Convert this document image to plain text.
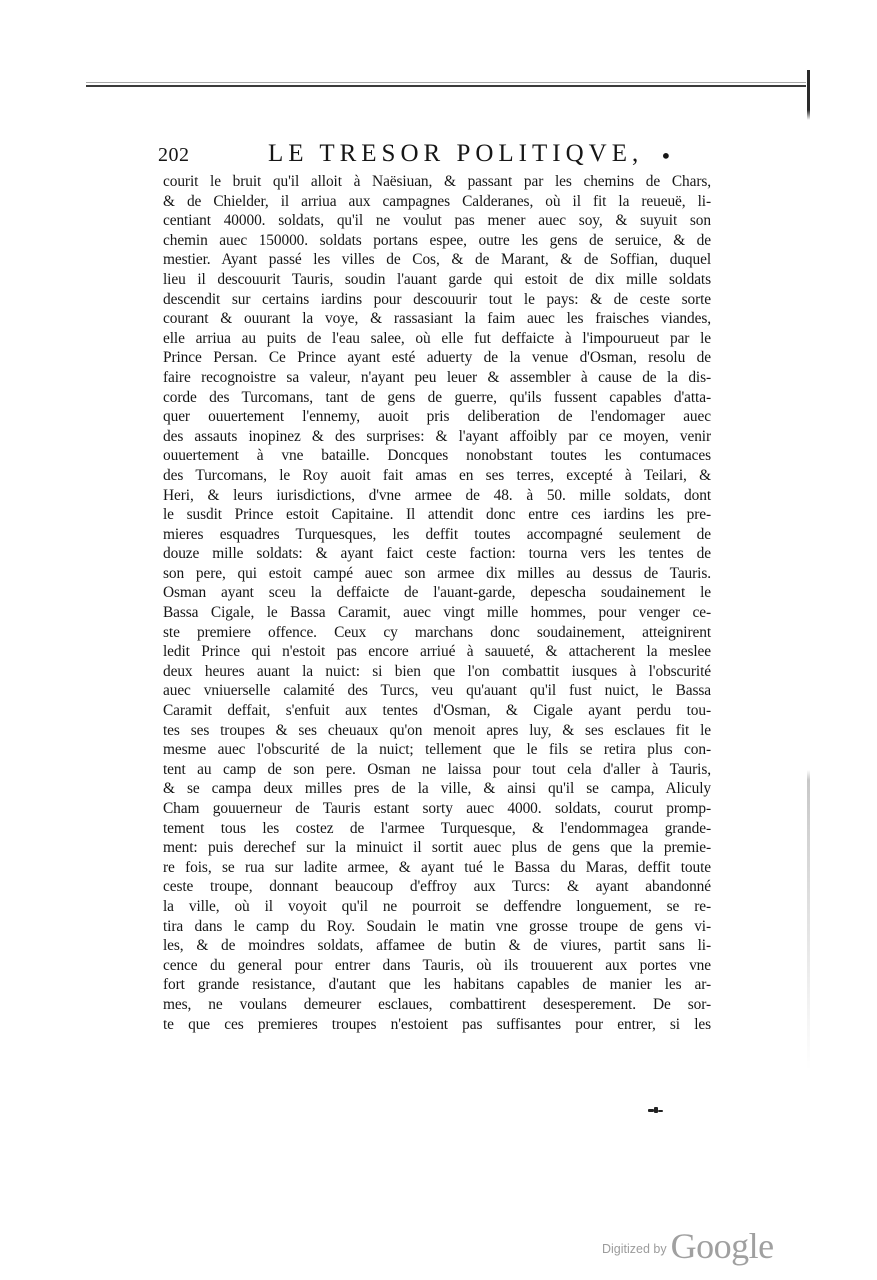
202	LE TRESOR POLITIQVE, •
courit le bruit qu'il alloit à Naësiuan, & passant par les chemins de Chars,
& de Chielder, il arriua aux campagnes Calderanes, où il fit la reueuë, li-
centiant 40000. soldats, qu'il ne voulut pas mener auec soy, & suyuit son
chemin auec 150000. soldats portans espee, outre les gens de seruice, & de
mestier. Ayant passé les villes de Cos, & de Marant, & de Soffian, duquel
lieu il descouurit Tauris, soudin l'auant garde qui estoit de dix mille soldats
descendit sur certains iardins pour descouurir tout le pays: & de ceste sorte
courant & ouurant la voye, & rassasiant la faim auec les fraisches viandes,
elle arriua au puits de l'eau salee, où elle fut deffaicte à l'impourueut par le
Prince Persan. Ce Prince ayant esté aduerty de la venue d'Osman, resolu de
faire recognoistre sa valeur, n'ayant peu leuer & assembler à cause de la dis-
corde des Turcomans, tant de gens de guerre, qu'ils fussent capables d'atta-
quer ouuertement l'ennemy, auoit pris deliberation de l'endomager auec
des assauts inopinez & des surprises: & l'ayant affoibly par ce moyen, venir
ouuertement à vne bataille. Doncques nonobstant toutes les contumaces
des Turcomans, le Roy auoit fait amas en ses terres, excepté à Teilari, &
Heri, & leurs iurisdictions, d'vne armee de 48. à 50. mille soldats, dont
le susdit Prince estoit Capitaine. Il attendit donc entre ces iardins les pre-
mieres esquadres Turquesques, les deffit toutes accompagné seulement de
douze mille soldats: & ayant faict ceste faction: tourna vers les tentes de
son pere, qui estoit campé auec son armee dix milles au dessus de Tauris.
Osman ayant sceu la deffaicte de l'auant-garde, depescha soudainement le
Bassa Cigale, le Bassa Caramit, auec vingt mille hommes, pour venger ce-
ste premiere offence. Ceux cy marchans donc soudainement, atteignirent
ledit Prince qui n'estoit pas encore arriué à sauueté, & attacherent la meslee
deux heures auant la nuict: si bien que l'on combattit iusques à l'obscurité
auec vniuerselle calamité des Turcs, veu qu'auant qu'il fust nuict, le Bassa
Caramit deffait, s'enfuit aux tentes d'Osman, & Cigale ayant perdu tou-
tes ses troupes & ses cheuaux qu'on menoit apres luy, & ses esclaues fit le
mesme auec l'obscurité de la nuict; tellement que le fils se retira plus con-
tent au camp de son pere. Osman ne laissa pour tout cela d'aller à Tauris,
& se campa deux milles pres de la ville, & ainsi qu'il se campa, Aliculy
Cham gouuerneur de Tauris estant sorty auec 4000. soldats, courut promp-
tement tous les costez de l'armee Turquesque, & l'endommagea grande-
ment: puis derechef sur la minuict il sortit auec plus de gens que la premie-
re fois, se rua sur ladite armee, & ayant tué le Bassa du Maras, deffit toute
ceste troupe, donnant beaucoup d'effroy aux Turcs: & ayant abandonné
la ville, où il voyoit qu'il ne pourroit se deffendre longuement, se re-
tira dans le camp du Roy. Soudain le matin vne grosse troupe de gens vi-
les, & de moindres soldats, affamee de butin & de viures, partit sans li-
cence du general pour entrer dans Tauris, où ils trouuerent aux portes vne
fort grande resistance, d'autant que les habitans capables de manier les ar-
mes, ne voulans demeurer esclaues, combattirent desesperement. De sor-
te que ces premieres troupes n'estoient pas suffisantes pour entrer, si les
Digitized by Google
